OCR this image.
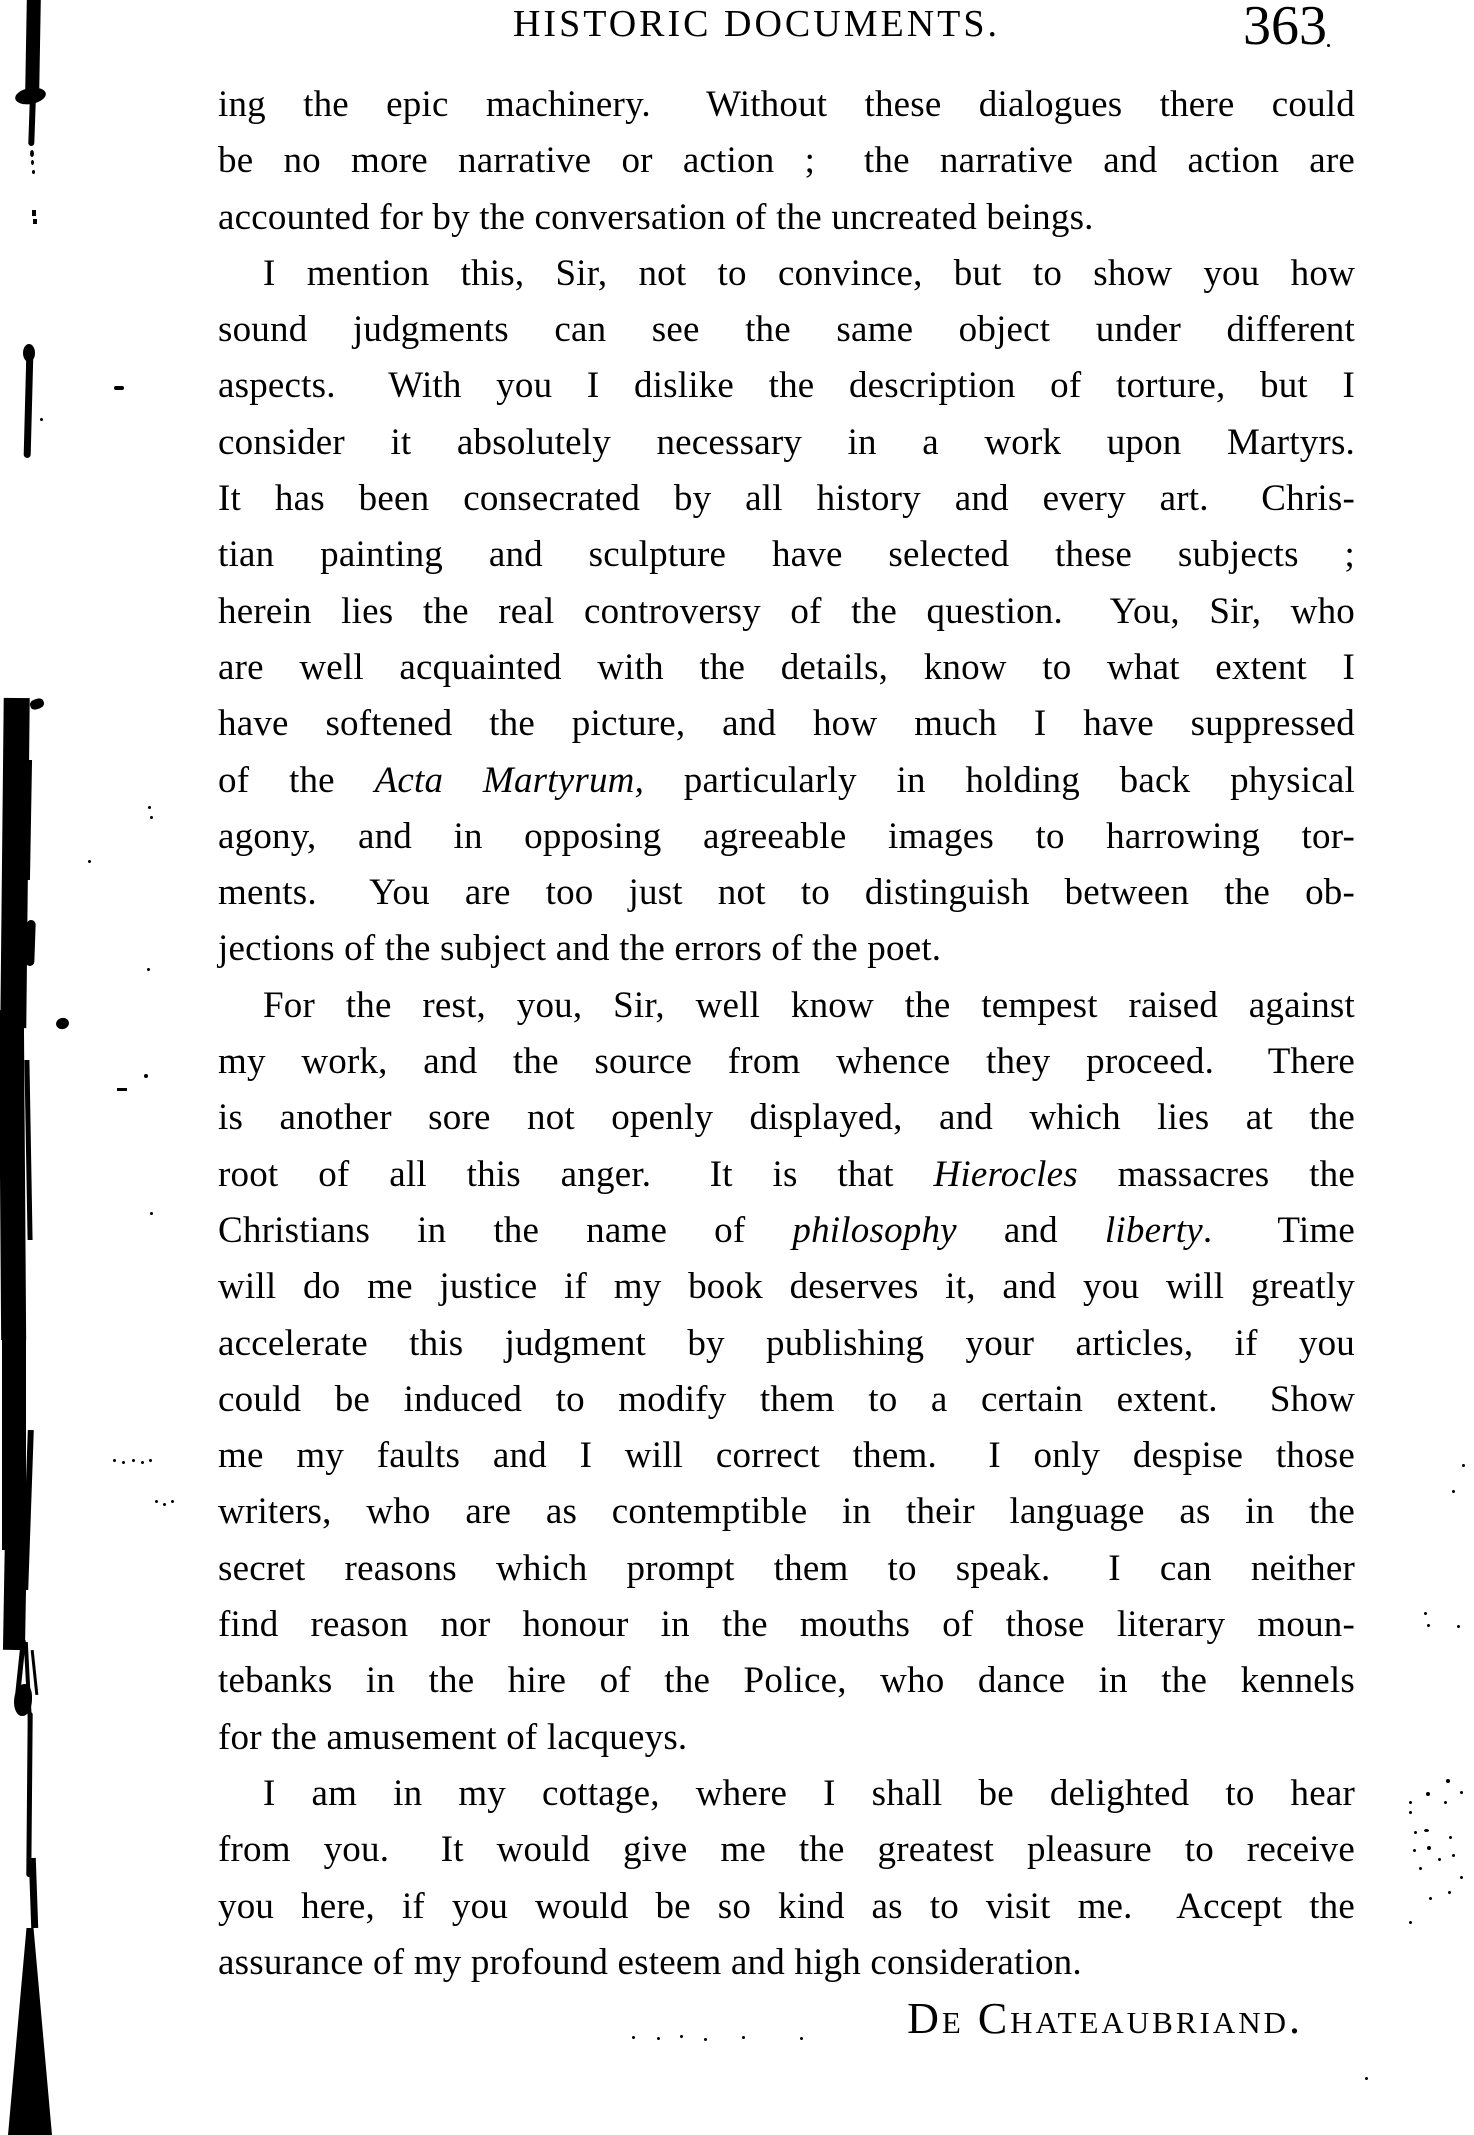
HISTORIC DOCUMENTS.	363
ing the epic machinery.  Without these dialogues there could
be no more narrative or action ;  the narrative and action are
accounted for by the conversation of the uncreated beings.
I mention this, Sir, not to convince, but to show you how
sound judgments can see the same object under different
aspects.  With you I dislike the description of torture, but I
consider it absolutely necessary in a work upon Martyrs.
It has been consecrated by all history and every art.  Chris-
tian painting and sculpture have selected these subjects ;
herein lies the real controversy of the question.  You, Sir, who
are well acquainted with the details, know to what extent I
have softened the picture, and how much I have suppressed
of the Acta Martyrum, particularly in holding back physical
agony, and in opposing agreeable images to harrowing tor-
ments.  You are too just not to distinguish between the ob-
jections of the subject and the errors of the poet.
For the rest, you, Sir, well know the tempest raised against
my work, and the source from whence they proceed.  There
is another sore not openly displayed, and which lies at the
root of all this anger.  It is that Hierocles massacres the
Christians in the name of philosophy and liberty.  Time
will do me justice if my book deserves it, and you will greatly
accelerate this judgment by publishing your articles, if you
could be induced to modify them to a certain extent.  Show
me my faults and I will correct them.  I only despise those
writers, who are as contemptible in their language as in the
secret reasons which prompt them to speak.  I can neither
find reason nor honour in the mouths of those literary moun-
tebanks in the hire of the Police, who dance in the kennels
for the amusement of lacqueys.
I am in my cottage, where I shall be delighted to hear
from you.  It would give me the greatest pleasure to receive
you here, if you would be so kind as to visit me.  Accept the
assurance of my profound esteem and high consideration.
De Chateaubriand.
